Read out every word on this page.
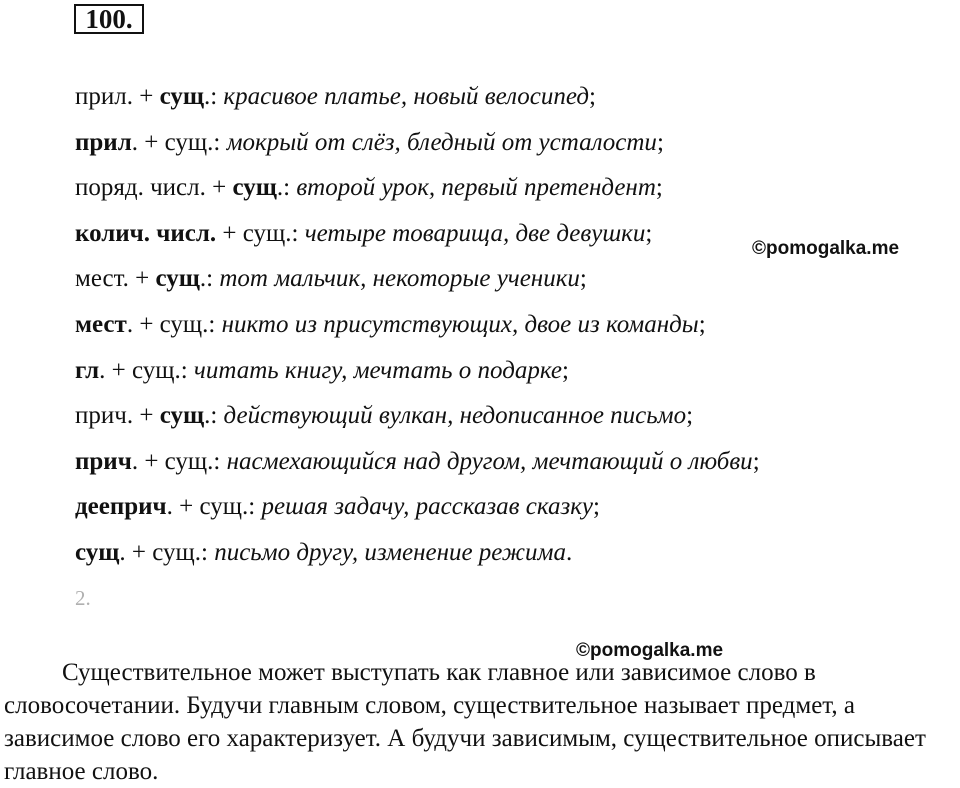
100.
прил. + сущ.: красивое платье, новый велосипед;
прил. + сущ.: мокрый от слёз, бледный от усталости;
поряд. числ. + сущ.: второй урок, первый претендент;
колич. числ. + сущ.: четыре товарища, две девушки;
мест. + сущ.: тот мальчик, некоторые ученики;
мест. + сущ.: никто из присутствующих, двое из команды;
гл. + сущ.: читать книгу, мечтать о подарке;
прич. + сущ.: действующий вулкан, недописанное письмо;
прич. + сущ.: насмехающийся над другом, мечтающий о любви;
дееприч. + сущ.: решая задачу, рассказав сказку;
сущ. + сущ.: письмо другу, изменение режима.
©pomogalka.me
2.
©pomogalka.me

Существительное может выступать как главное или зависимое слово в словосочетании. Будучи главным словом, существительное называет предмет, а зависимое слово его характеризует. А будучи зависимым, существительное описывает главное слово.
